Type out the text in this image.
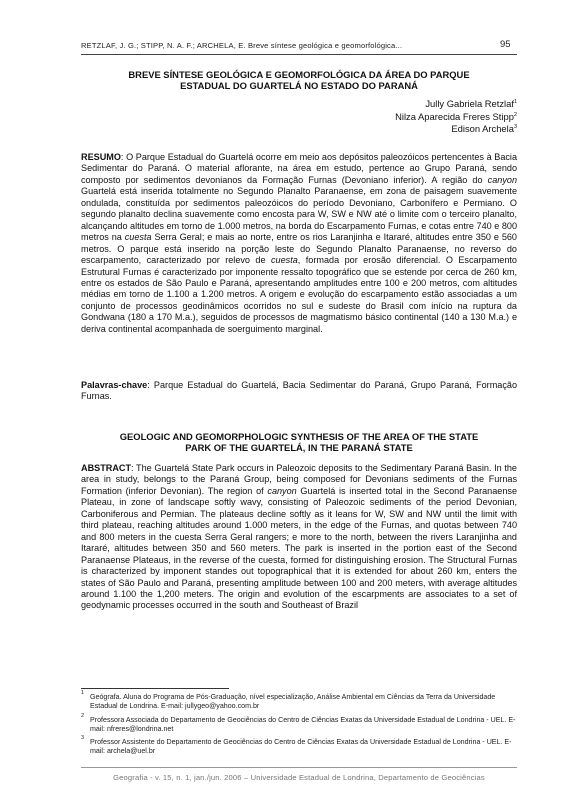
RETZLAF, J. G.; STIPP, N. A. F.; ARCHELA, E. Breve síntese geológica e geomorfológica...	95
BREVE SÍNTESE GEOLÓGICA E GEOMORFOLÓGICA DA ÁREA DO PARQUE
ESTADUAL DO GUARTELÁ NO ESTADO DO PARANÁ
Jully Gabriela Retzlaf$^1$
Nilza Aparecida Freres Stipp$^2$
Edison Archela$^3$
RESUMO: O Parque Estadual do Guartelá ocorre em meio aos depósitos paleozóicos pertencentes à Bacia Sedimentar do Paraná. O material aflorante, na área em estudo, pertence ao Grupo Paraná, sendo composto por sedimentos devonianos da Formação Furnas (Devoniano inferior). A região do canyon Guartelá está inserida totalmente no Segundo Planalto Paranaense, em zona de paisagem suavemente ondulada, constituída por sedimentos paleozóicos do período Devoniano, Carbonífero e Permiano. O segundo planalto declina suavemente como encosta para W, SW e NW até o limite com o terceiro planalto, alcançando altitudes em torno de 1.000 metros, na borda do Escarpamento Furnas, e cotas entre 740 e 800 metros na cuesta Serra Geral; e mais ao norte, entre os rios Laranjinha e Itararé, altitudes entre 350 e 560 metros. O parque está inserido na porção leste do Segundo Planalto Paranaense, no reverso do escarpamento, caracterizado por relevo de cuesta, formada por erosão diferencial. O Escarpamento Estrutural Furnas é caracterizado por imponente ressalto topográfico que se estende por cerca de 260 km, entre os estados de São Paulo e Paraná, apresentando amplitudes entre 100 e 200 metros, com altitudes médias em torno de 1.100 a 1.200 metros. A origem e evolução do escarpamento estão associadas a um conjunto de processos geodinâmicos ocorridos no sul e sudeste do Brasil com início na ruptura da Gondwana (180 a 170 M.a.), seguidos de processos de magmatismo básico continental (140 a 130 M.a.) e deriva continental acompanhada de soerguimento marginal.
Palavras-chave: Parque Estadual do Guartelá, Bacia Sedimentar do Paraná, Grupo Paraná, Formação Furnas.
GEOLOGIC AND GEOMORPHOLOGIC SYNTHESIS OF THE AREA OF THE STATE
PARK OF THE GUARTELÁ, IN THE PARANÁ STATE
ABSTRACT: The Guartelá State Park occurs in Paleozoic deposits to the Sedimentary Paraná Basin. In the area in study, belongs to the Paraná Group, being composed for Devonians sediments of the Furnas Formation (inferior Devonian). The region of canyon Guartelá is inserted total in the Second Paranaense Plateau, in zone of landscape softly wavy, consisting of Paleozoic sediments of the period Devonian, Carboniferous and Permian. The plateaus decline softly as it leans for W, SW and NW until the limit with third plateau, reaching altitudes around 1.000 meters, in the edge of the Furnas, and quotas between 740 and 800 meters in the cuesta Serra Geral rangers; e more to the north, between the rivers Laranjinha and Itararé, altitudes between 350 and 560 meters. The park is inserted in the portion east of the Second Paranaense Plateaus, in the reverse of the cuesta, formed for distinguishing erosion. The Structural Furnas is characterized by imponent standes out topographical that it is extended for about 260 km, enters the states of São Paulo and Paraná, presenting amplitude between 100 and 200 meters, with average altitudes around 1.100 the 1,200 meters. The origin and evolution of the escarpments are associates to a set of geodynamic processes occurred in the south and Southeast of Brazil
1 Geógrafa. Aluna do Programa de Pós-Graduação, nível especialização, Análise Ambiental em Ciências da Terra da Universidade Estadual de Londrina. E-mail: jullygeo@yahoo.com.br
2 Professora Associada do Departamento de Geociências do Centro de Ciências Exatas da Universidade Estadual de Londrina - UEL. E-mail: nfreres@londrina.net
3 Professor Assistente do Departamento de Geociências do Centro de Ciências Exatas da Universidade Estadual de Londrina - UEL. E-mail: archela@uel.br
Geografia - v. 15, n. 1, jan./jun. 2006 – Universidade Estadual de Londrina, Departamento de Geociências
